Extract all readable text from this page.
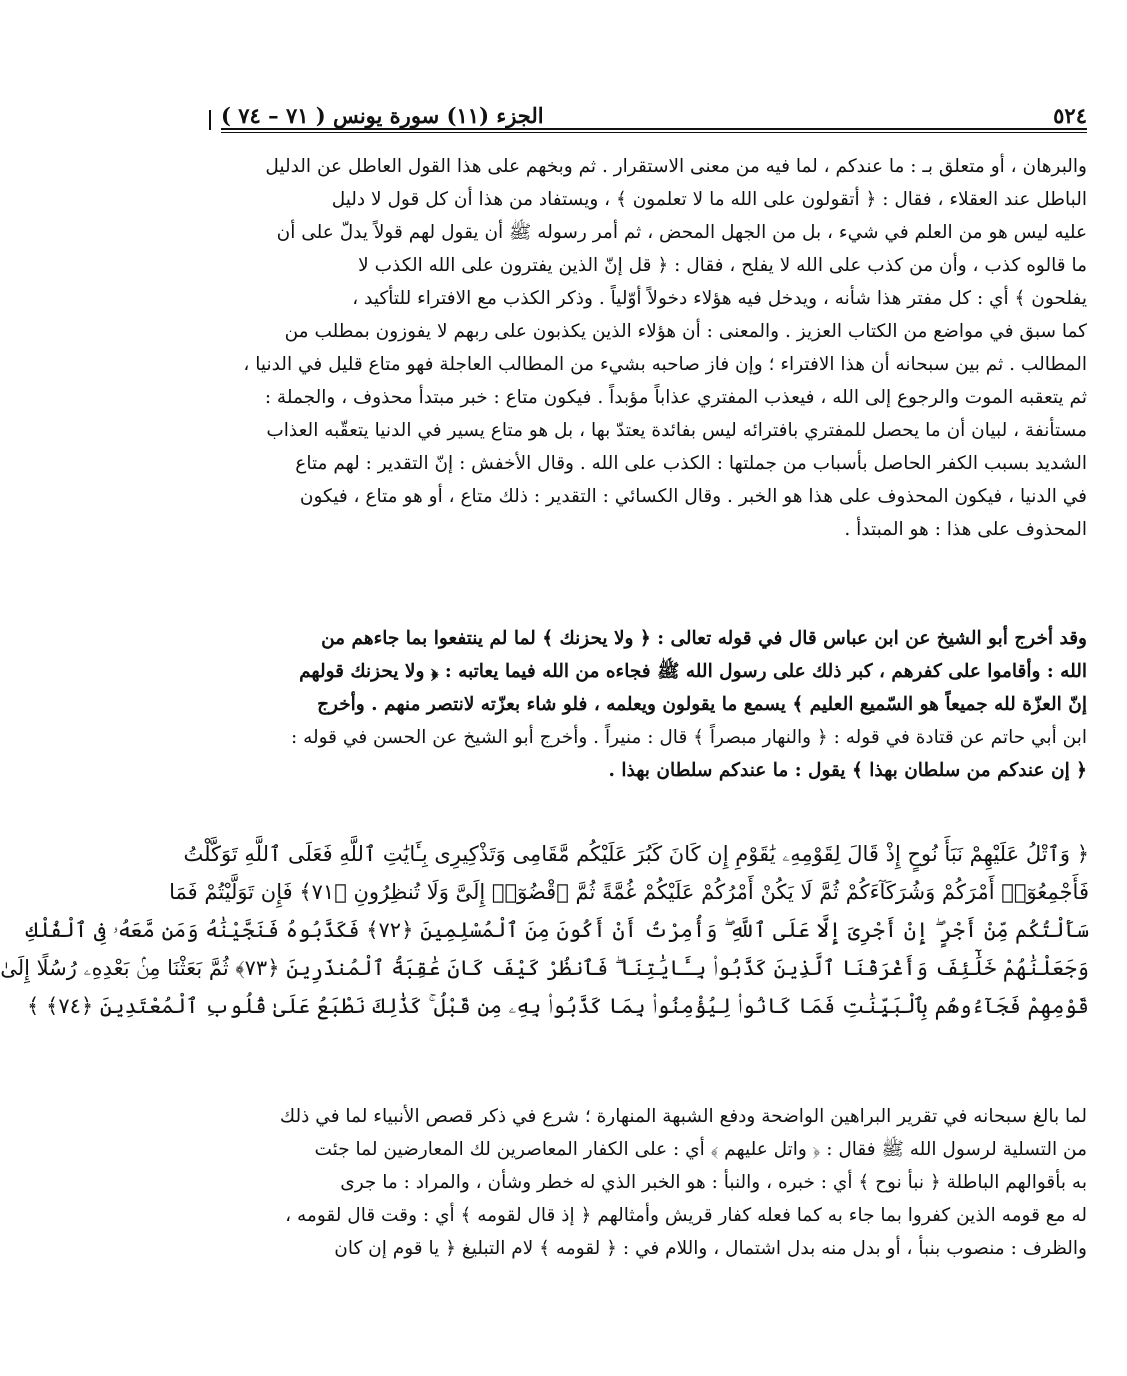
٥٢٤
الجزء (١١) سورة يونس ( ٧١ – ٧٤ )
والبرهان ، أو متعلق بـ : ما عندكم ، لما فيه من معنى الاستقرار . ثم وبخهم على هذا القول العاطل عن الدليل
الباطل عند العقلاء ، فقال : ﴿ أتقولون على الله ما لا تعلمون ﴾ ، ويستفاد من هذا أن كل قول لا دليل
عليه ليس هو من العلم في شيء ، بل من الجهل المحض ، ثم أمر رسوله ﷺ أن يقول لهم قولاً يدلّ على أن
ما قالوه كذب ، وأن من كذب على الله لا يفلح ، فقال : ﴿ قل إنّ الذين يفترون على الله الكذب لا
يفلحون ﴾ أي : كل مفتر هذا شأنه ، ويدخل فيه هؤلاء دخولاً أوّلياً . وذكر الكذب مع الافتراء للتأكيد ،
كما سبق في مواضع من الكتاب العزيز . والمعنى : أن هؤلاء الذين يكذبون على ربهم لا يفوزون بمطلب من
المطالب . ثم بين سبحانه أن هذا الافتراء ؛ وإن فاز صاحبه بشيء من المطالب العاجلة فهو متاع قليل في الدنيا ،
ثم يتعقبه الموت والرجوع إلى الله ، فيعذب المفتري عذاباً مؤبداً . فيكون متاع : خبر مبتدأ محذوف ، والجملة :
مستأنفة ، لبيان أن ما يحصل للمفتري بافترائه ليس بفائدة يعتدّ بها ، بل هو متاع يسير في الدنيا يتعقّبه العذاب
الشديد بسبب الكفر الحاصل بأسباب من جملتها : الكذب على الله . وقال الأخفش : إنّ التقدير : لهم متاع
في الدنيا ، فيكون المحذوف على هذا هو الخبر . وقال الكسائي : التقدير : ذلك متاع ، أو هو متاع ، فيكون
المحذوف على هذا : هو المبتدأ .
وقد أخرج أبو الشيخ عن ابن عباس قال في قوله تعالى : ﴿ ولا يحزنك ﴾ لما لم ينتفعوا بما جاءهم من
الله : وأقاموا على كفرهم ، كبر ذلك على رسول الله ﷺ فجاءه من الله فيما يعاتبه : ﴿ ولا يحزنك قولهم
إنّ العزّة لله جميعاً هو السّميع العليم ﴾ يسمع ما يقولون ويعلمه ، فلو شاء بعزّته لانتصر منهم . وأخرج
ابن أبي حاتم عن قتادة في قوله : ﴿ والنهار مبصراً ﴾ قال : منيراً . وأخرج أبو الشيخ عن الحسن في قوله :
﴿ إن عندكم من سلطان بهذا ﴾ يقول : ما عندكم سلطان بهذا .
﴿ وَٱتْلُ عَلَيْهِمْ نَبَأَ نُوحٍ إِذْ قَالَ لِقَوْمِهِۦ يَٰقَوْمِ إِن كَانَ كَبُرَ عَلَيْكُم مَّقَامِى وَتَذْكِيرِى بِـَٔايَٰتِ ٱللَّهِ فَعَلَى ٱللَّهِ تَوَكَّلْتُ
فَأَجْمِعُوٓا۟ أَمْرَكُمْ وَشُرَكَآءَكُمْ ثُمَّ لَا يَكُنْ أَمْرُكُمْ عَلَيْكُمْ غُمَّةً ثُمَّ ٱقْضُوٓا۟ إِلَىَّ وَلَا تُنظِرُونِ ﴿٧١﴾ فَإِن تَوَلَّيْتُمْ فَمَا
سَأَلْتُكُم مِّنْ أَجْرٍ ۖ إِنْ أَجْرِىَ إِلَّا عَلَى ٱللَّهِ ۖ وَأُمِرْتُ أَنْ أَكُونَ مِنَ ٱلْمُسْلِمِينَ ﴿٧٢﴾ فَكَذَّبُوهُ فَنَجَّيْنَٰهُ وَمَن مَّعَهُۥ فِى ٱلْفُلْكِ
وَجَعَلْنَٰهُمْ خَلَٰٓئِفَ وَأَغْرَقْنَا ٱلَّذِينَ كَذَّبُوا۟ بِـَٔايَٰتِنَا ۖ فَٱنظُرْ كَيْفَ كَانَ عَٰقِبَةُ ٱلْمُنذَرِينَ ﴿٧٣﴾ ثُمَّ بَعَثْنَا مِنۢ بَعْدِهِۦ رُسُلًا إِلَىٰ
قَوْمِهِمْ فَجَآءُوهُم بِٱلْبَيِّنَٰتِ فَمَا كَانُوا۟ لِيُؤْمِنُوا۟ بِمَا كَذَّبُوا۟ بِهِۦ مِن قَبْلُ ۚ كَذَٰلِكَ نَطْبَعُ عَلَىٰ قُلُوبِ ٱلْمُعْتَدِينَ ﴿٧٤﴾ ﴾
لما بالغ سبحانه في تقرير البراهين الواضحة ودفع الشبهة المنهارة ؛ شرع في ذكر قصص الأنبياء لما في ذلك
من التسلية لرسول الله ﷺ فقال : ﴿ واتل عليهم ﴾ أي : على الكفار المعاصرين لك المعارضين لما جئت
به بأقوالهم الباطلة ﴿ نبأ نوح ﴾ أي : خبره ، والنبأ : هو الخبر الذي له خطر وشأن ، والمراد : ما جرى
له مع قومه الذين كفروا بما جاء به كما فعله كفار قريش وأمثالهم ﴿ إذ قال لقومه ﴾ أي : وقت قال لقومه ،
والظرف : منصوب بنبأ ، أو بدل منه بدل اشتمال ، واللام في : ﴿ لقومه ﴾ لام التبليغ ﴿ يا قوم إن كان
